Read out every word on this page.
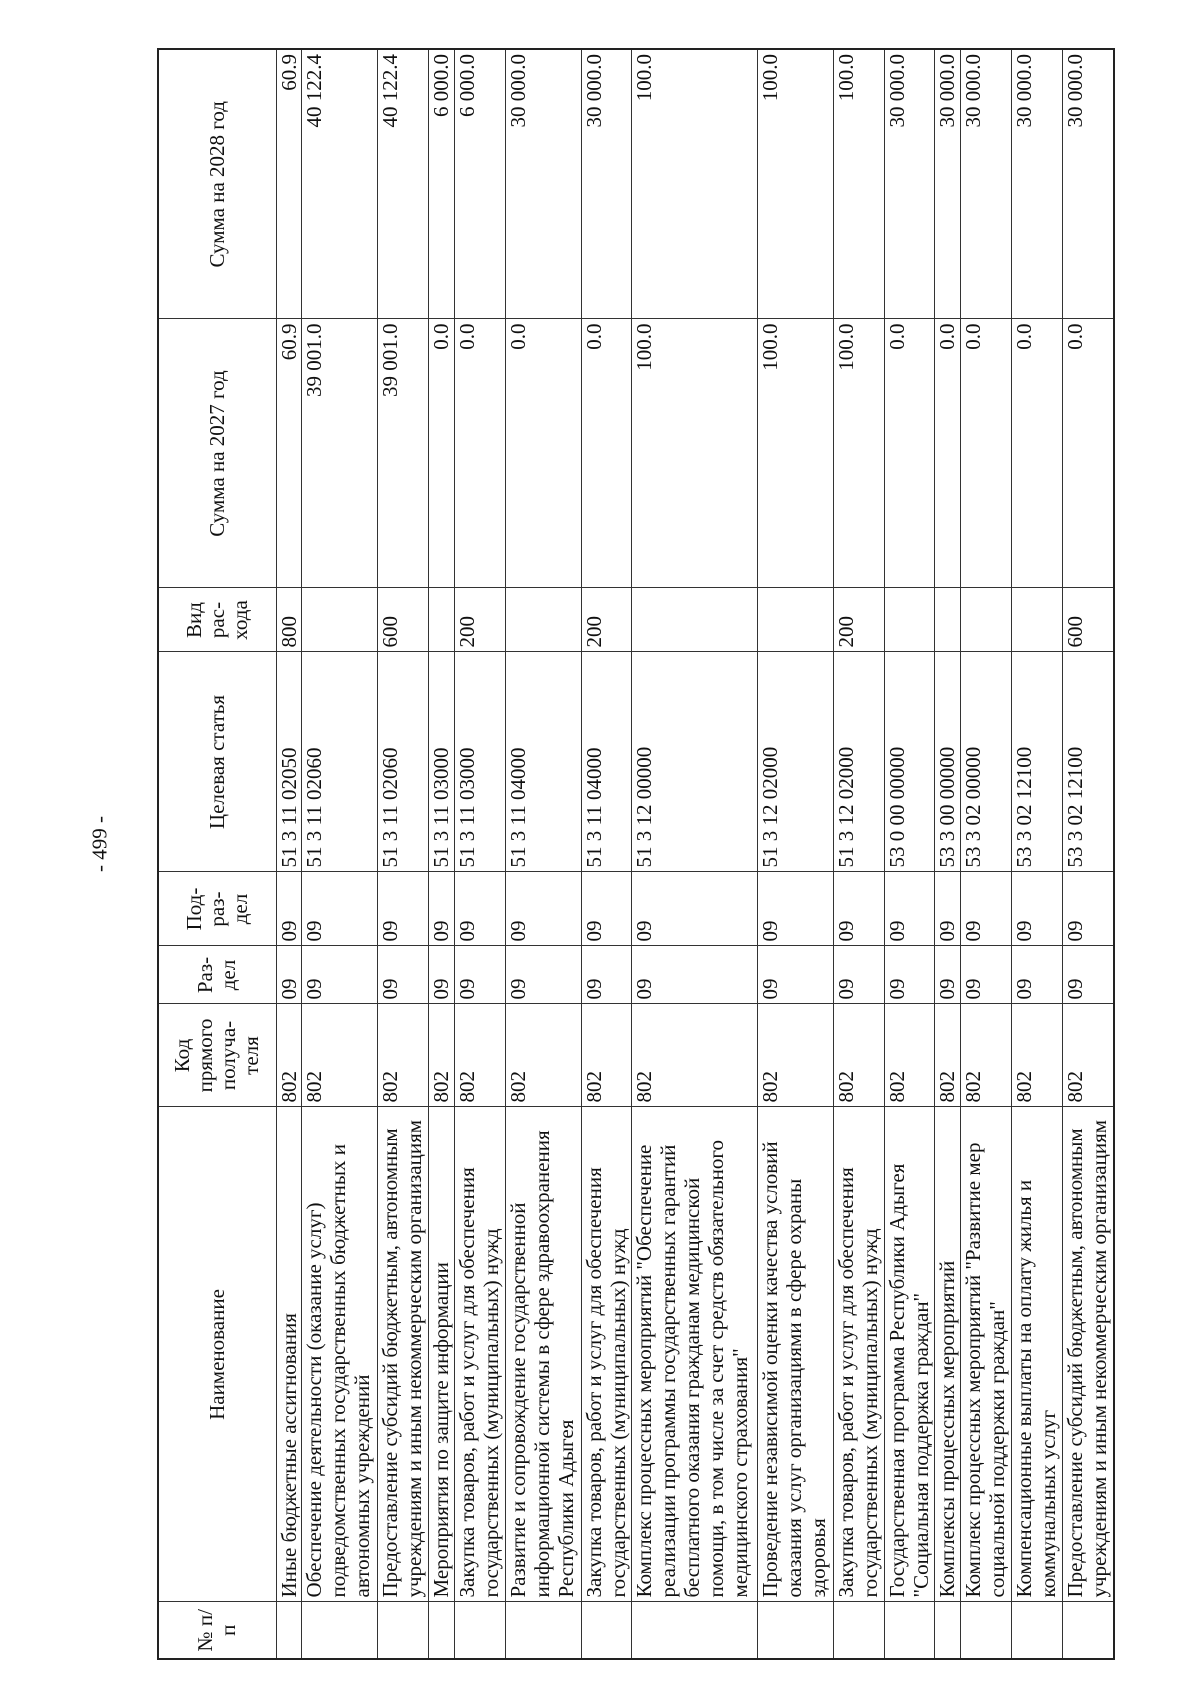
- 499 -
№ п/п	Наименование	Код прямого получа-теля	Раз-дел	Под-раз-дел	Целевая статья	Вид рас-хода	Сумма на 2027 год	Сумма на 2028 год
	Иные бюджетные ассигнования	802	09	09	51 3 11 02050	800	60.9	60.9
	Обеспечение деятельности (оказание услуг) подведомственных государственных бюджетных и автономных учреждений	802	09	09	51 3 11 02060		39 001.0	40 122.4
	Предоставление субсидий бюджетным, автономным учреждениям и иным некоммерческим организациям	802	09	09	51 3 11 02060	600	39 001.0	40 122.4
	Мероприятия по защите информации	802	09	09	51 3 11 03000		0.0	6 000.0
	Закупка товаров, работ и услуг для обеспечения государственных (муниципальных) нужд	802	09	09	51 3 11 03000	200	0.0	6 000.0
	Развитие и сопровождение государственной информационной системы в сфере здравоохранения Республики Адыгея	802	09	09	51 3 11 04000		0.0	30 000.0
	Закупка товаров, работ и услуг для обеспечения государственных (муниципальных) нужд	802	09	09	51 3 11 04000	200	0.0	30 000.0
	Комплекс процессных мероприятий "Обеспечение реализации программы государственных гарантий бесплатного оказания гражданам медицинской помощи, в том числе за счет средств обязательного медицинского страхования"	802	09	09	51 3 12 00000		100.0	100.0
	Проведение независимой оценки качества условий оказания услуг организациями в сфере охраны здоровья	802	09	09	51 3 12 02000		100.0	100.0
	Закупка товаров, работ и услуг для обеспечения государственных (муниципальных) нужд	802	09	09	51 3 12 02000	200	100.0	100.0
	Государственная программа Республики Адыгея "Социальная поддержка граждан"	802	09	09	53 0 00 00000		0.0	30 000.0
	Комплексы процессных мероприятий	802	09	09	53 3 00 00000		0.0	30 000.0
	Комплекс процессных мероприятий "Развитие мер социальной поддержки граждан"	802	09	09	53 3 02 00000		0.0	30 000.0
	Компенсационные выплаты на оплату жилья и коммунальных услуг	802	09	09	53 3 02 12100		0.0	30 000.0
	Предоставление субсидий бюджетным, автономным учреждениям и иным некоммерческим организациям	802	09	09	53 3 02 12100	600	0.0	30 000.0
